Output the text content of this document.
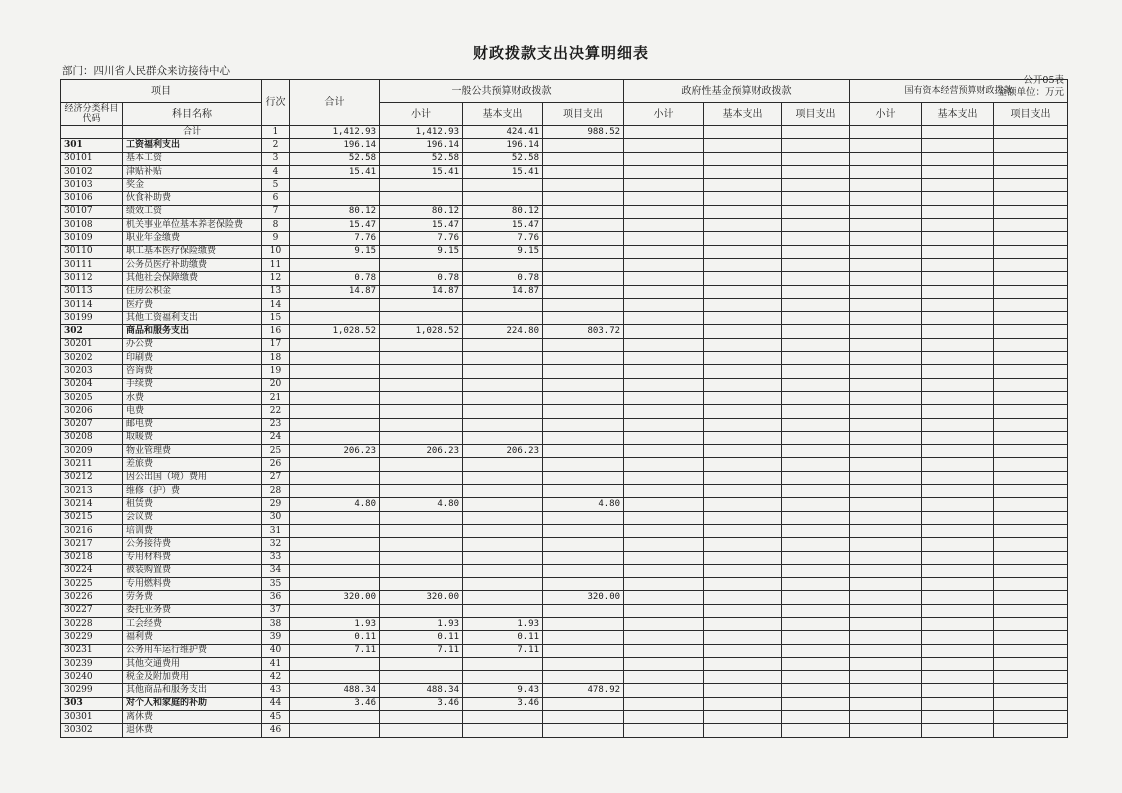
财政拨款支出决算明细表
部门：四川省人民群众来访接待中心
公开05表
金额单位：万元
项目		行次	合计	一般公共预算财政拨款			政府性基金预算财政拨款			国有资本经营预算财政拨款		
经济分类科目代码	科目名称			小计	基本支出	项目支出	小计	基本支出	项目支出	小计	基本支出	项目支出
	合计	1	1,412.93	1,412.93	424.41	988.52						
301	工资福利支出	2	196.14	196.14	196.14							
30101	基本工资	3	52.58	52.58	52.58							
30102	津贴补贴	4	15.41	15.41	15.41							
30103	奖金	5										
30106	伙食补助费	6										
30107	绩效工资	7	80.12	80.12	80.12							
30108	机关事业单位基本养老保险费	8	15.47	15.47	15.47							
30109	职业年金缴费	9	7.76	7.76	7.76							
30110	职工基本医疗保险缴费	10	9.15	9.15	9.15							
30111	公务员医疗补助缴费	11										
30112	其他社会保障缴费	12	0.78	0.78	0.78							
30113	住房公积金	13	14.87	14.87	14.87							
30114	医疗费	14										
30199	其他工资福利支出	15										
302	商品和服务支出	16	1,028.52	1,028.52	224.80	803.72						
30201	办公费	17										
30202	印刷费	18										
30203	咨询费	19										
30204	手续费	20										
30205	水费	21										
30206	电费	22										
30207	邮电费	23										
30208	取暖费	24										
30209	物业管理费	25	206.23	206.23	206.23							
30211	差旅费	26										
30212	因公出国（境）费用	27										
30213	维修（护）费	28										
30214	租赁费	29	4.80	4.80		4.80						
30215	会议费	30										
30216	培训费	31										
30217	公务接待费	32										
30218	专用材料费	33										
30224	被装购置费	34										
30225	专用燃料费	35										
30226	劳务费	36	320.00	320.00		320.00						
30227	委托业务费	37										
30228	工会经费	38	1.93	1.93	1.93							
30229	福利费	39	0.11	0.11	0.11							
30231	公务用车运行维护费	40	7.11	7.11	7.11							
30239	其他交通费用	41										
30240	税金及附加费用	42										
30299	其他商品和服务支出	43	488.34	488.34	9.43	478.92						
303	对个人和家庭的补助	44	3.46	3.46	3.46							
30301	离休费	45										
30302	退休费	46										
